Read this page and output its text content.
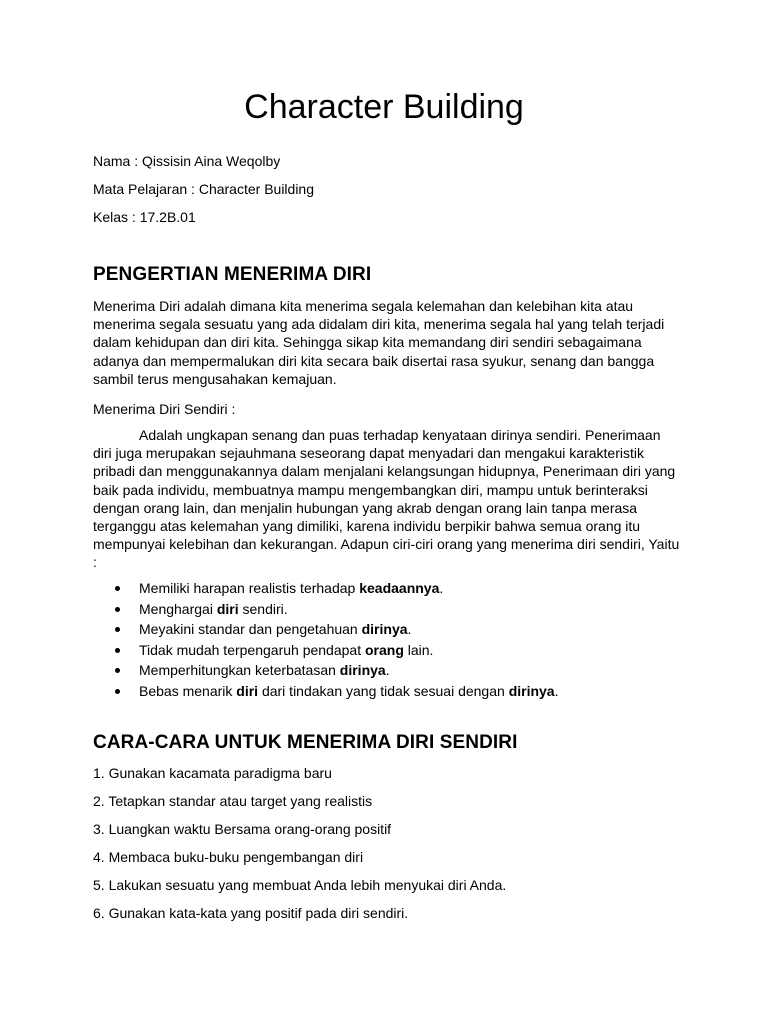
Character Building

Nama : Qissisin Aina Weqolby

Mata Pelajaran : Character Building

Kelas : 17.2B.01

PENGERTIAN MENERIMA DIRI

Menerima Diri adalah dimana kita menerima segala kelemahan dan kelebihan kita atau menerima segala sesuatu yang ada didalam diri kita, menerima segala hal yang telah terjadi dalam kehidupan dan diri kita. Sehingga sikap kita memandang diri sendiri sebagaimana adanya dan mempermalukan diri kita secara baik disertai rasa syukur, senang dan bangga sambil terus mengusahakan kemajuan.

Menerima Diri Sendiri :

Adalah ungkapan senang dan puas terhadap kenyataan dirinya sendiri. Penerimaan diri juga merupakan sejauhmana seseorang dapat menyadari dan mengakui karakteristik pribadi dan menggunakannya dalam menjalani kelangsungan hidupnya, Penerimaan diri yang baik pada individu, membuatnya mampu mengembangkan diri, mampu untuk berinteraksi dengan orang lain, dan menjalin hubungan yang akrab dengan orang lain tanpa merasa terganggu atas kelemahan yang dimiliki, karena individu berpikir bahwa semua orang itu mempunyai kelebihan dan kekurangan. Adapun ciri-ciri orang yang menerima diri sendiri, Yaitu :

Memiliki harapan realistis terhadap keadaannya.
Menghargai diri sendiri.
Meyakini standar dan pengetahuan dirinya.
Tidak mudah terpengaruh pendapat orang lain.
Memperhitungkan keterbatasan dirinya.
Bebas menarik diri dari tindakan yang tidak sesuai dengan dirinya.
CARA-CARA UNTUK MENERIMA DIRI SENDIRI
1. Gunakan kacamata paradigma baru
2. Tetapkan standar atau target yang realistis
3. Luangkan waktu Bersama orang-orang positif
4. Membaca buku-buku pengembangan diri
5. Lakukan sesuatu yang membuat Anda lebih menyukai diri Anda.
6. Gunakan kata-kata yang positif pada diri sendiri.
